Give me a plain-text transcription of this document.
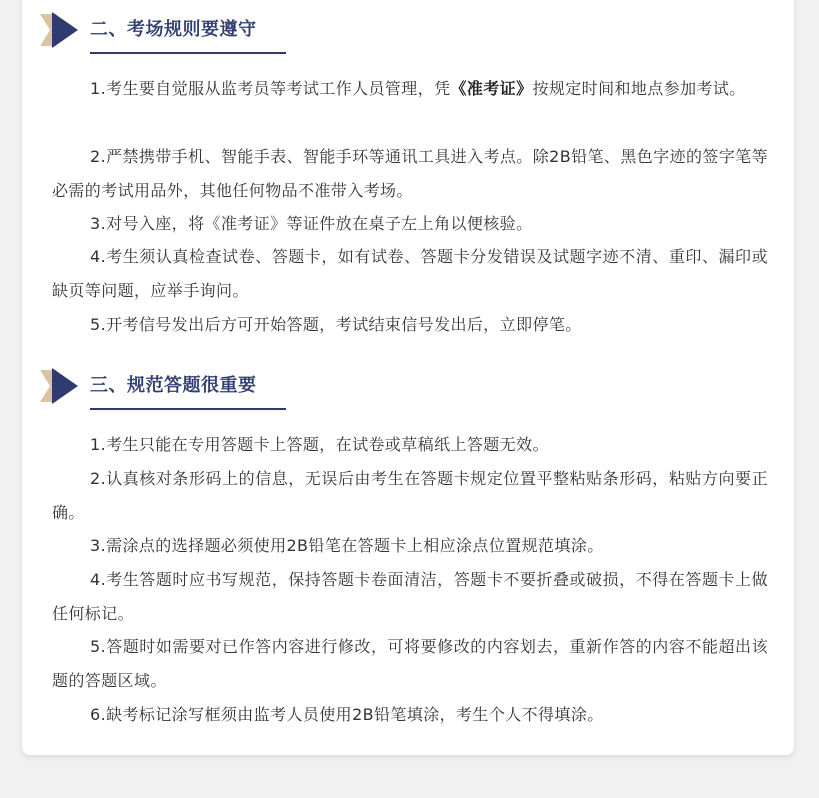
二、考场规则要遵守

1.考生要自觉服从监考员等考试工作人员管理，凭《准考证》按规定时间和地点参加考试。

2.严禁携带手机、智能手表、智能手环等通讯工具进入考点。除2B铅笔、黑色字迹的签字笔等必需的考试用品外，其他任何物品不准带入考场。

3.对号入座，将《准考证》等证件放在桌子左上角以便核验。

4.考生须认真检查试卷、答题卡，如有试卷、答题卡分发错误及试题字迹不清、重印、漏印或缺页等问题，应举手询问。

5.开考信号发出后方可开始答题，考试结束信号发出后，立即停笔。

三、规范答题很重要

1.考生只能在专用答题卡上答题，在试卷或草稿纸上答题无效。

2.认真核对条形码上的信息，无误后由考生在答题卡规定位置平整粘贴条形码，粘贴方向要正确。

3.需涂点的选择题必须使用2B铅笔在答题卡上相应涂点位置规范填涂。

4.考生答题时应书写规范，保持答题卡卷面清洁，答题卡不要折叠或破损，不得在答题卡上做任何标记。

5.答题时如需要对已作答内容进行修改，可将要修改的内容划去，重新作答的内容不能超出该题的答题区域。

6.缺考标记涂写框须由监考人员使用2B铅笔填涂，考生个人不得填涂。
